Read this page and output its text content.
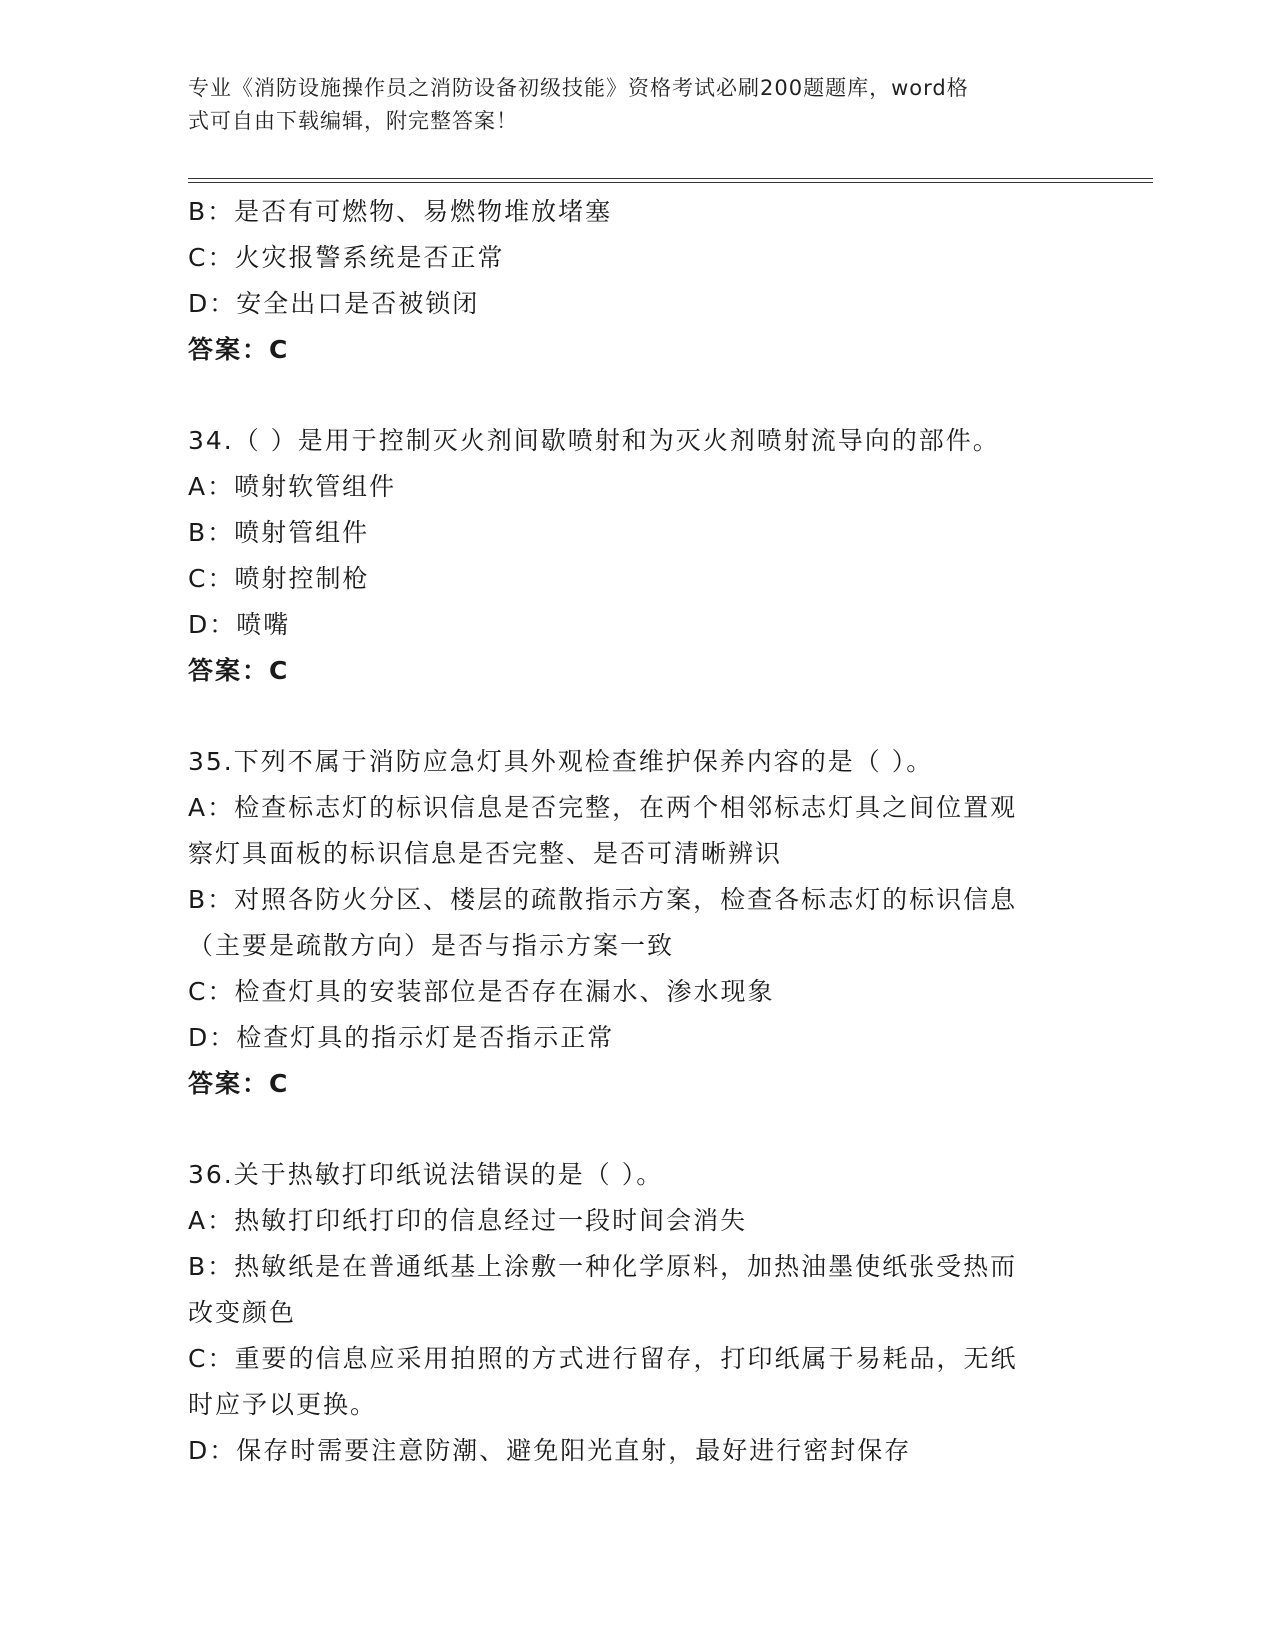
专业《消防设施操作员之消防设备初级技能》资格考试必刷200题题库，word格
式可自由下载编辑，附完整答案！
B：是否有可燃物、易燃物堆放堵塞
C：火灾报警系统是否正常
D：安全出口是否被锁闭
答案：C
34.（ ）是用于控制灭火剂间歇喷射和为灭火剂喷射流导向的部件。
A：喷射软管组件
B：喷射管组件
C：喷射控制枪
D：喷嘴
答案：C
35.下列不属于消防应急灯具外观检查维护保养内容的是（ ）。
A：检查标志灯的标识信息是否完整，在两个相邻标志灯具之间位置观
察灯具面板的标识信息是否完整、是否可清晰辨识
B：对照各防火分区、楼层的疏散指示方案，检查各标志灯的标识信息
（主要是疏散方向）是否与指示方案一致
C：检查灯具的安装部位是否存在漏水、渗水现象
D：检查灯具的指示灯是否指示正常
答案：C
36.关于热敏打印纸说法错误的是（ ）。
A：热敏打印纸打印的信息经过一段时间会消失
B：热敏纸是在普通纸基上涂敷一种化学原料，加热油墨使纸张受热而
改变颜色
C：重要的信息应采用拍照的方式进行留存，打印纸属于易耗品，无纸
时应予以更换。
D：保存时需要注意防潮、避免阳光直射，最好进行密封保存
